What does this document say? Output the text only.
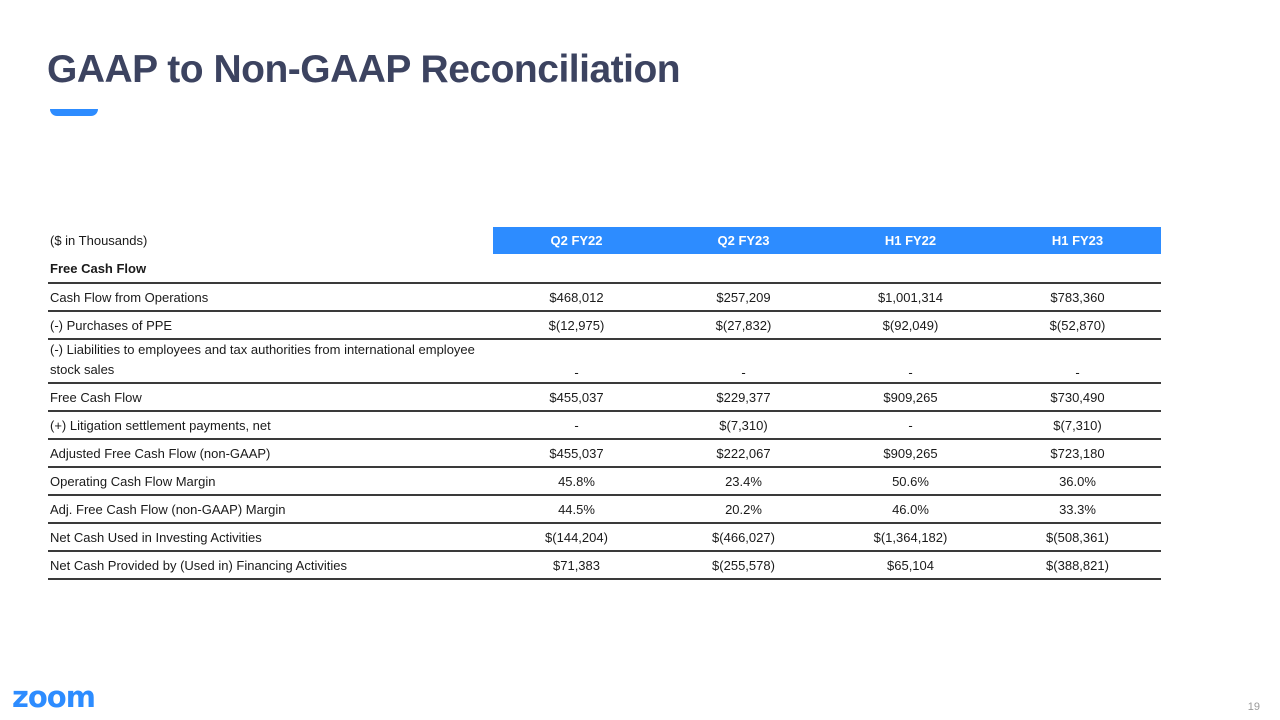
GAAP to Non-GAAP Reconciliation
($ in Thousands)	Q2 FY22	Q2 FY23	H1 FY22	H1 FY23
Free Cash Flow				
Cash Flow from Operations	$468,012	$257,209	$1,001,314	$783,360
(-) Purchases of PPE	$(12,975)	$(27,832)	$(92,049)	$(52,870)
(-) Liabilities to employees and tax authorities from international employee stock sales	-	-	-	-
Free Cash Flow	$455,037	$229,377	$909,265	$730,490
(+) Litigation settlement payments, net	-	$(7,310)	-	$(7,310)
Adjusted Free Cash Flow (non-GAAP)	$455,037	$222,067	$909,265	$723,180
Operating Cash Flow Margin	45.8%	23.4%	50.6%	36.0%
Adj. Free Cash Flow (non-GAAP) Margin	44.5%	20.2%	46.0%	33.3%
Net Cash Used in Investing Activities	$(144,204)	$(466,027)	$(1,364,182)	$(508,361)
Net Cash Provided by (Used in) Financing Activities	$71,383	$(255,578)	$65,104	$(388,821)
zoom	19
